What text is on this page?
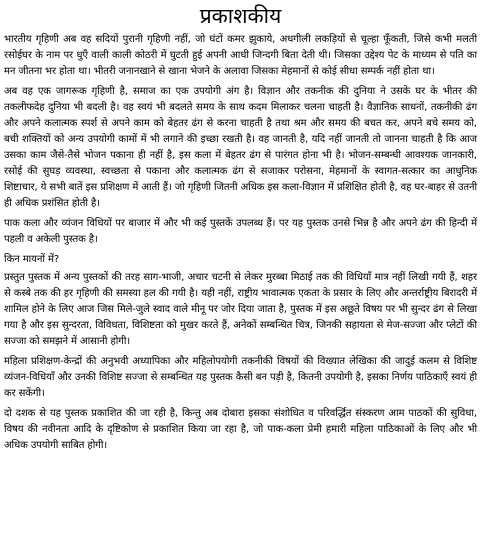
प्रकाशकीय

भारतीय गृहिणी अब वह सदियों पुरानी गृहिणी नहीं, जो घंटों कमर झुकाये, अधगीली लकड़ियों से चूल्हा फूँकती, जिसे कभी मलती रसोईघर के नाम पर धुएँ वाली काली कोठरी में घुटती हुई अपनी आधी जिन्दगी बिता देती थी। जिसका उद्देश्य पेट के माध्यम से पति का मन जीतना भर होता था। भीतरी जनानखाने से खाना भेजने के अलावा जिसका मेहमानों से कोई सीधा सम्पर्क नहीं होता था।

अब वह एक जागरूक गृहिणी है, समाज का एक उपयोगी अंग है। विज्ञान और तकनीक की दुनिया ने उसके घर के भीतर की तकलीफदेह दुनिया भी बदली है। वह स्वयं भी बदलते समय के साथ कदम मिलाकर चलना चाहती है। वैज्ञानिक साधनों, तकनीकी ढंग और अपने कलात्मक स्पर्श से अपने काम को बेहतर ढंग से करना चाहती है तथा श्रम और समय की बचत कर, अपने बचे समय को, बची शक्तियों को अन्य उपयोगी कामों में भी लगाने की इच्छा रखती है। वह जानती है, यदि नहीं जानती तो जानना चाहती है कि आज उसका काम जैसे-तैसे भोजन पकाना ही नहीं है, इस कला में बेहतर ढंग से पारंगत होना भी है। भोजन-सम्बन्धी आवश्यक जानकारी, रसोई की सुघड़ व्यवस्था, स्वच्छता से पकाना और कलात्मक ढंग से सजाकर परोसना, मेहमानों के स्वागत-सत्कार का आधुनिक शिष्टाचार, ये सभी बातें इस प्रशिक्षण में आती हैं। जो गृहिणी जितनी अधिक इस कला-विज्ञान में प्रशिक्षित होती है, वह घर-बाहर से उतनी ही अधिक प्रशंसित होती है।

पाक कला और व्यंजन विधियों पर बाजार में और भी कई पुस्तकें उपलब्ध हैं। पर यह पुस्तक उनसे भिन्न है और अपने ढंग की हिन्दी में पहली व अकेली पुस्तक है।

किन मायनों में?

प्रस्तुत पुस्तक में अन्य पुस्तकों की तरह साग-भाजी, अचार चटनी से लेकर मुरब्बा मिठाई तक की विधियाँ मात्र नहीं लिखी गयी हैं, शहर से कस्बे तक की हर गृहिणी की समस्या हल की गयी है। यही नहीं, राष्ट्रीय भावात्मक एकता के प्रसार के लिए और अन्तर्राष्ट्रीय बिरादरी में शामिल होने के लिए आज जिस मिले-जुले स्वाद वाले मीनू पर जोर दिया जाता है, पुस्तक में इस अछूते विषय पर भी सुन्दर ढंग से लिखा गया है और इस सुन्दरता, विविधता, विशिष्टता को मुखर करते हैं, अनेकों सम्बन्धित चित्र, जिनकी सहायता से मेज-सज्जा और प्लेटों की सज्जा को समझने में आसानी होगी।

महिला प्रशिक्षण-केन्द्रों की अनुभवी अध्यापिका और महिलोपयोगी तकनीकी विषयों की विख्यात लेखिका की जादुई कलम से विशिष्ट व्यंजन-विधियाँ और उनकी विशिष्ट सज्जा से सम्बन्धित यह पुस्तक कैसी बन पड़ी है, कितनी उपयोगी है, इसका निर्णय पाठिकाएँ स्वयं ही कर सकेंगी।

दो दशक से यह पुस्तक प्रकाशित की जा रही है, किन्तु अब दोबारा इसका संशोधित व परिवर्द्धित संस्करण आम पाठकों की सुविधा, विषय की नवीनता आदि के दृष्टिकोण से प्रकाशित किया जा रहा है, जो पाक-कला प्रेमी हमारी महिला पाठिकाओं के लिए और भी अधिक उपयोगी साबित होगी।
